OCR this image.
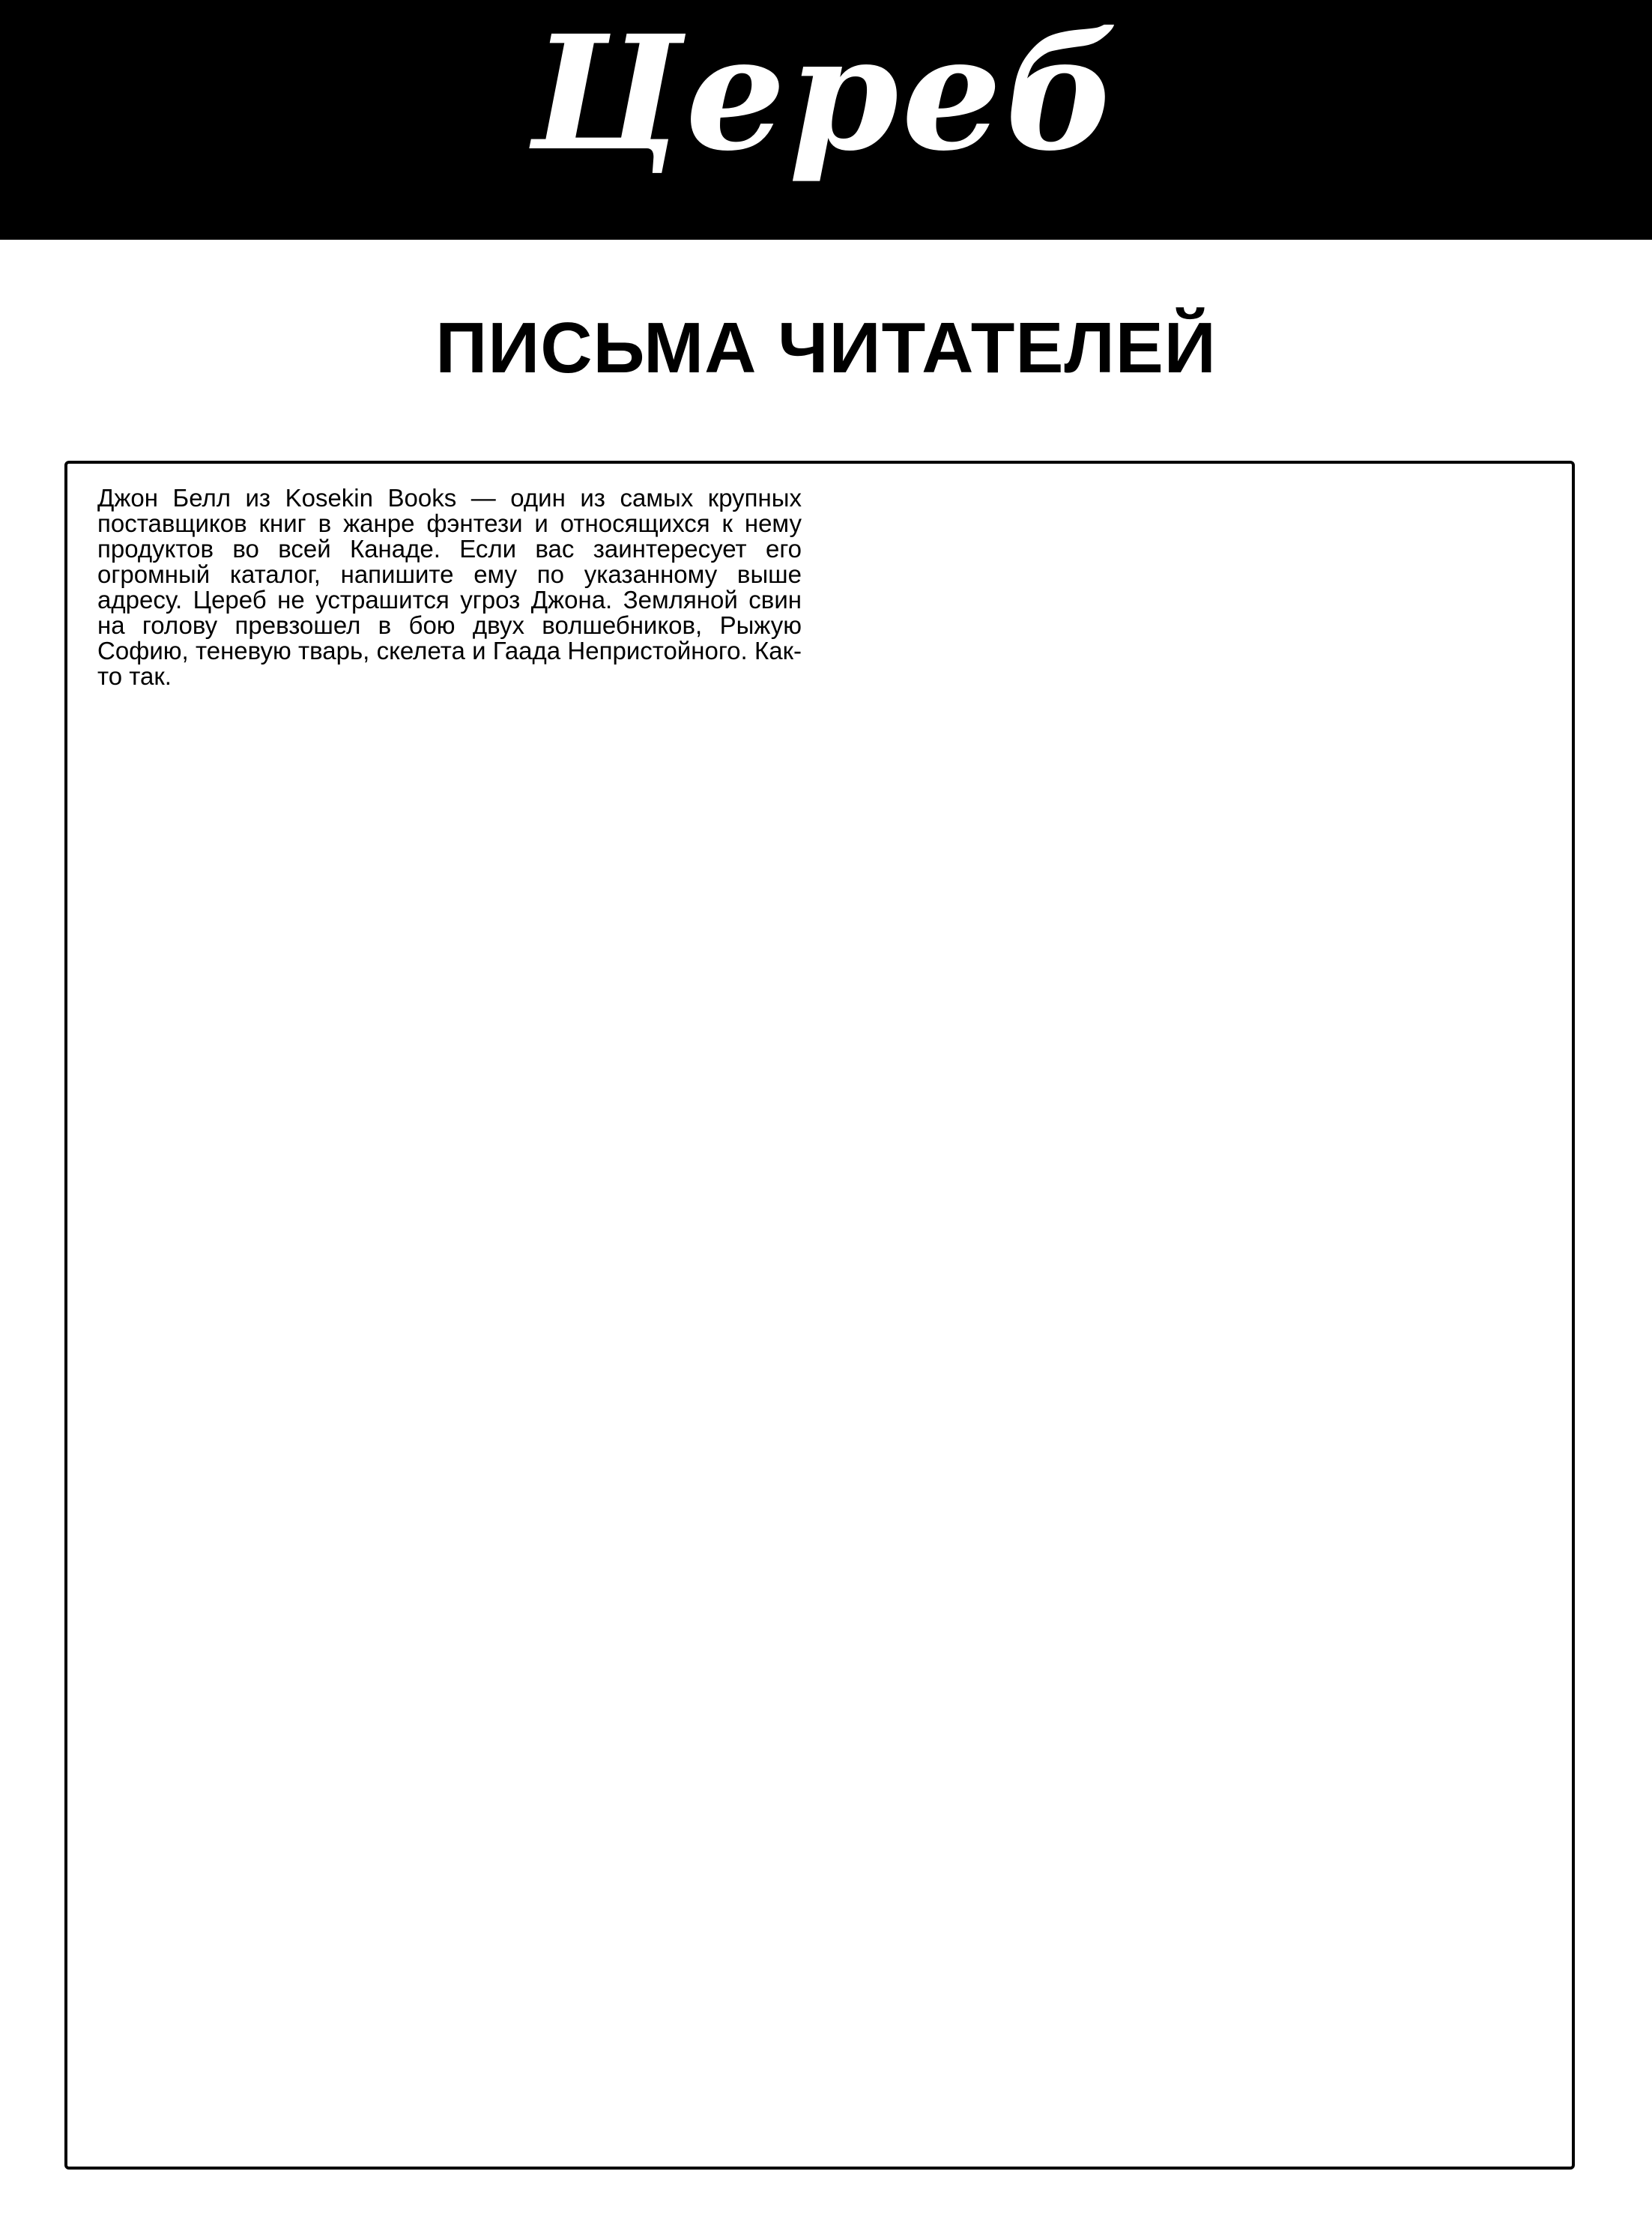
Цереб
ПИСЬМА ЧИТАТЕЛЕЙ

Джон Белл из Kosekin Books — один из самых крупных поставщиков книг в жанре фэнтези и относящихся к нему продуктов во всей Канаде. Если вас заинтересует его огромный каталог, напишите ему по указанному выше адресу. Цереб не устрашится угроз Джона. Земляной свин на голову превзошел в бою двух волшебников, Рыжую Софию, теневую тварь, скелета и Гаада Непристойного. Как-то так.
